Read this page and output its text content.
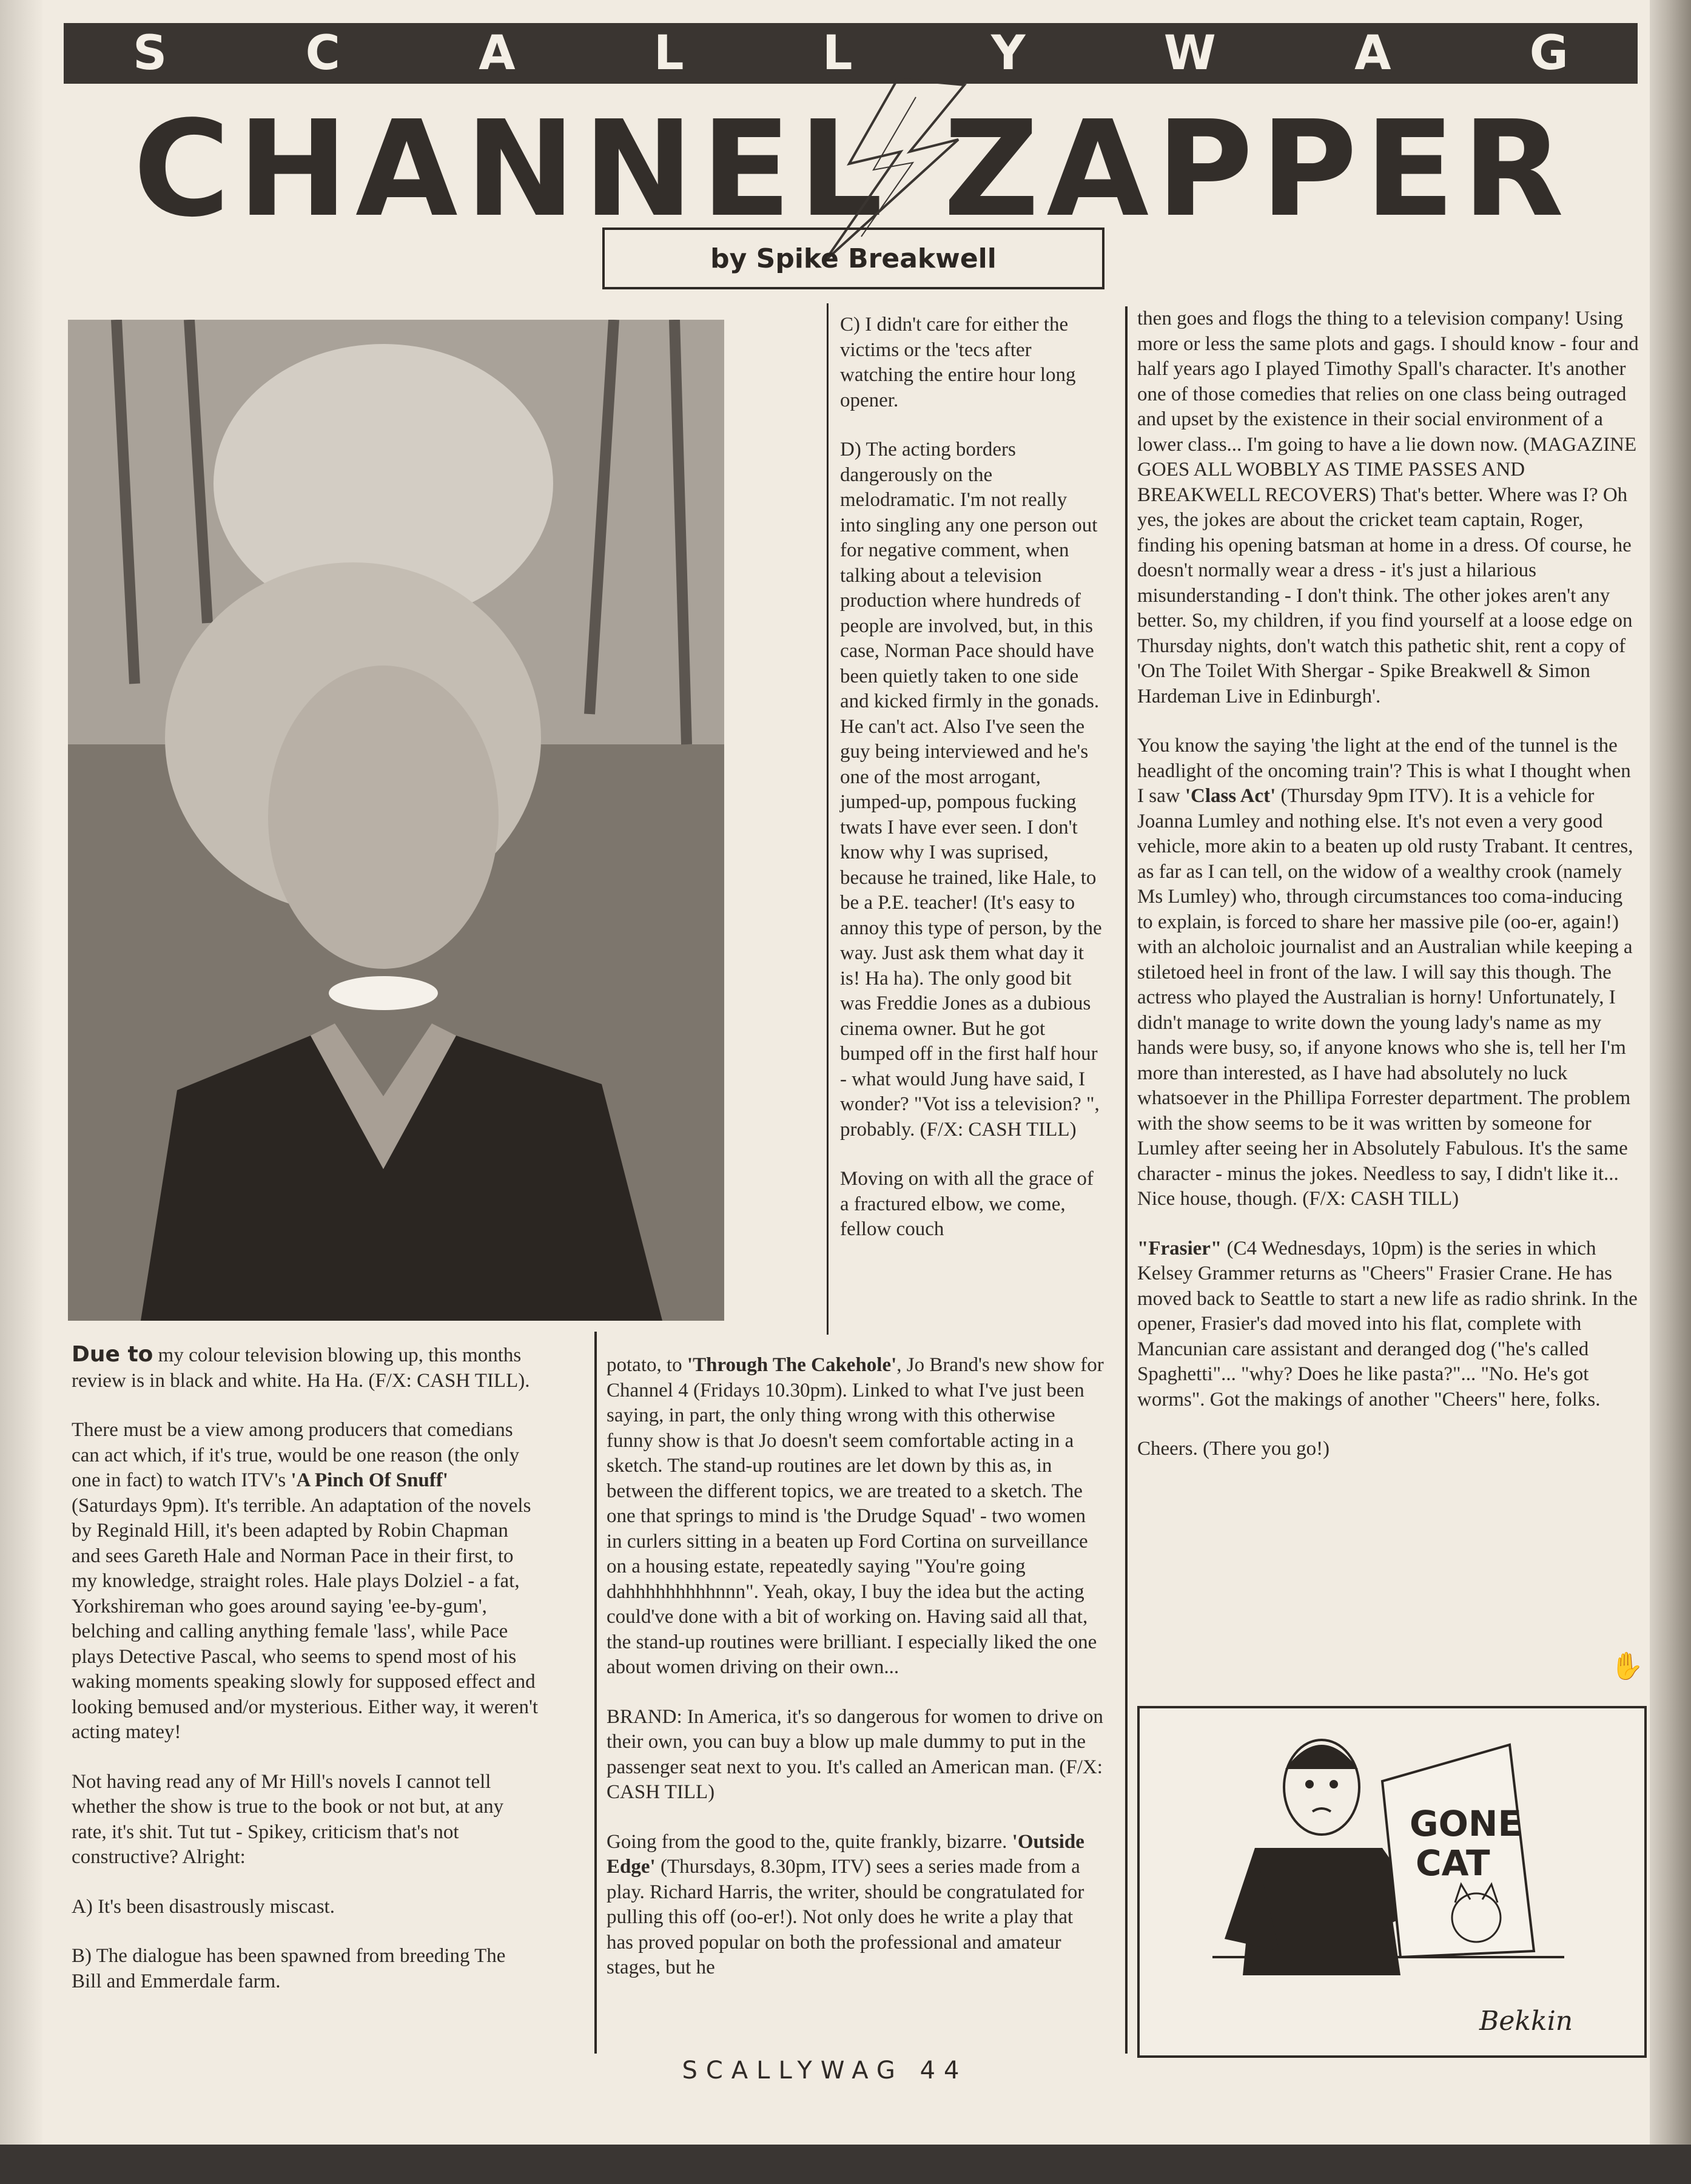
S	C	A	L	L	Y	W	A	G
CHANNEL ZAPPER
by Spike Breakwell

C) I didn't care for either the victims or the 'tecs after watching the entire hour long opener.

D) The acting borders dangerously on the melodramatic. I'm not really into singling any one person out for negative comment, when talking about a television production where hundreds of people are involved, but, in this case, Norman Pace should have been quietly taken to one side and kicked firmly in the gonads. He can't act. Also I've seen the guy being interviewed and he's one of the most arrogant, jumped-up, pompous fucking twats I have ever seen. I don't know why I was suprised, because he trained, like Hale, to be a P.E. teacher! (It's easy to annoy this type of person, by the way. Just ask them what day it is! Ha ha). The only good bit was Freddie Jones as a dubious cinema owner. But he got bumped off in the first half hour - what would Jung have said, I wonder? "Vot iss a television? ", probably. (F/X: CASH TILL)

Moving on with all the grace of a fractured elbow, we come, fellow couch

Due to my colour television blowing up, this months review is in black and white. Ha Ha. (F/X: CASH TILL).

There must be a view among producers that comedians can act which, if it's true, would be one reason (the only one in fact) to watch ITV's 'A Pinch Of Snuff' (Saturdays 9pm). It's terrible. An adaptation of the novels by Reginald Hill, it's been adapted by Robin Chapman and sees Gareth Hale and Norman Pace in their first, to my knowledge, straight roles. Hale plays Dolziel - a fat, Yorkshireman who goes around saying 'ee-by-gum', belching and calling anything female 'lass', while Pace plays Detective Pascal, who seems to spend most of his waking moments speaking slowly for supposed effect and looking bemused and/or mysterious. Either way, it weren't acting matey!

Not having read any of Mr Hill's novels I cannot tell whether the show is true to the book or not but, at any rate, it's shit. Tut tut - Spikey, criticism that's not constructive? Alright:

A) It's been disastrously miscast.

B) The dialogue has been spawned from breeding The Bill and Emmerdale farm.

potato, to 'Through The Cakehole', Jo Brand's new show for Channel 4 (Fridays 10.30pm). Linked to what I've just been saying, in part, the only thing wrong with this otherwise funny show is that Jo doesn't seem comfortable acting in a sketch. The stand-up routines are let down by this as, in between the different topics, we are treated to a sketch. The one that springs to mind is 'the Drudge Squad' - two women in curlers sitting in a beaten up Ford Cortina on surveillance on a housing estate, repeatedly saying "You're going dahhhhhhhhhnnn". Yeah, okay, I buy the idea but the acting could've done with a bit of working on. Having said all that, the stand-up routines were brilliant. I especially liked the one about women driving on their own...

BRAND: In America, it's so dangerous for women to drive on their own, you can buy a blow up male dummy to put in the passenger seat next to you. It's called an American man. (F/X: CASH TILL)

Going from the good to the, quite frankly, bizarre. 'Outside Edge' (Thursdays, 8.30pm, ITV) sees a series made from a play. Richard Harris, the writer, should be congratulated for pulling this off (oo-er!). Not only does he write a play that has proved popular on both the professional and amateur stages, but he

then goes and flogs the thing to a television company! Using more or less the same plots and gags. I should know - four and half years ago I played Timothy Spall's character. It's another one of those comedies that relies on one class being outraged and upset by the existence in their social environment of a lower class... I'm going to have a lie down now. (MAGAZINE GOES ALL WOBBLY AS TIME PASSES AND BREAKWELL RECOVERS) That's better. Where was I? Oh yes, the jokes are about the cricket team captain, Roger, finding his opening batsman at home in a dress. Of course, he doesn't normally wear a dress - it's just a hilarious misunderstanding - I don't think. The other jokes aren't any better. So, my children, if you find yourself at a loose edge on Thursday nights, don't watch this pathetic shit, rent a copy of 'On The Toilet With Shergar - Spike Breakwell & Simon Hardeman Live in Edinburgh'.

You know the saying 'the light at the end of the tunnel is the headlight of the oncoming train'? This is what I thought when I saw 'Class Act' (Thursday 9pm ITV). It is a vehicle for Joanna Lumley and nothing else. It's not even a very good vehicle, more akin to a beaten up old rusty Trabant. It centres, as far as I can tell, on the widow of a wealthy crook (namely Ms Lumley) who, through circumstances too coma-inducing to explain, is forced to share her massive pile (oo-er, again!) with an alcholoic journalist and an Australian while keeping a stiletoed heel in front of the law. I will say this though. The actress who played the Australian is horny! Unfortunately, I didn't manage to write down the young lady's name as my hands were busy, so, if anyone knows who she is, tell her I'm more than interested, as I have had absolutely no luck whatsoever in the Phillipa Forrester department. The problem with the show seems to be it was written by someone for Lumley after seeing her in Absolutely Fabulous. It's the same character - minus the jokes. Needless to say, I didn't like it... Nice house, though. (F/X: CASH TILL)

"Frasier" (C4 Wednesdays, 10pm) is the series in which Kelsey Grammer returns as "Cheers" Frasier Crane. He has moved back to Seattle to start a new life as radio shrink. In the opener, Frasier's dad moved into his flat, complete with Mancunian care assistant and deranged dog ("he's called Spaghetti"... "why? Does he like pasta?"... "No. He's got worms". Got the makings of another "Cheers" here, folks.

Cheers. (There you go!)

✋
GONE
CAT
Bekkin
SCALLYWAG 44
